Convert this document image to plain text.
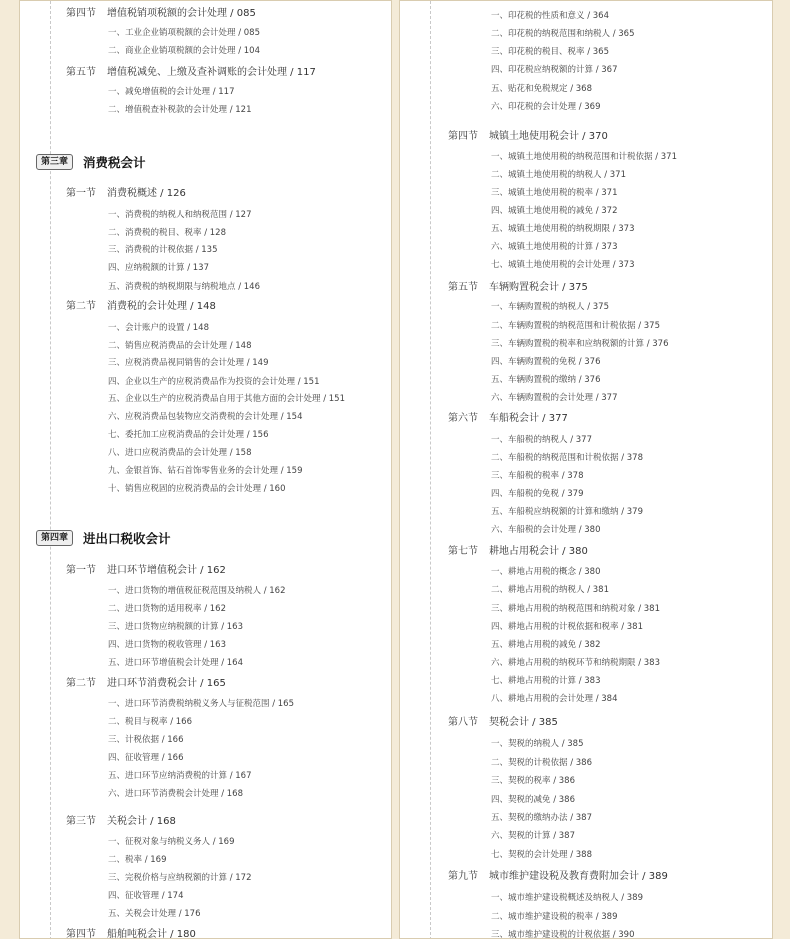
第四节 增值税销项税额的会计处理 / 085
一、工业企业销项税额的会计处理 / 085
二、商业企业销项税额的会计处理 / 104
第五节 增值税减免、上缴及查补调账的会计处理 / 117
一、减免增值税的会计处理 / 117
二、增值税查补税款的会计处理 / 121
第一节 消费税概述 / 126
一、消费税的纳税人和纳税范围 / 127
二、消费税的税目、税率 / 128
三、消费税的计税依据 / 135
四、应纳税额的计算 / 137
五、消费税的纳税期限与纳税地点 / 146
第二节 消费税的会计处理 / 148
一、会计账户的设置 / 148
二、销售应税消费品的会计处理 / 148
三、应税消费品视同销售的会计处理 / 149
四、企业以生产的应税消费品作为投资的会计处理 / 151
五、企业以生产的应税消费品自用于其他方面的会计处理 / 151
六、应税消费品包装物应交消费税的会计处理 / 154
七、委托加工应税消费品的会计处理 / 156
八、进口应税消费品的会计处理 / 158
九、金银首饰、钻石首饰零售业务的会计处理 / 159
十、销售应税固的应税消费品的会计处理 / 160
第一节 进口环节增值税会计 / 162
一、进口货物的增值税征税范围及纳税人 / 162
二、进口货物的适用税率 / 162
三、进口货物应纳税额的计算 / 163
四、进口货物的税收管理 / 163
五、进口环节增值税会计处理 / 164
第二节 进口环节消费税会计 / 165
一、进口环节消费税纳税义务人与征税范围 / 165
二、税目与税率 / 166
三、计税依据 / 166
四、征收管理 / 166
五、进口环节应纳消费税的计算 / 167
六、进口环节消费税会计处理 / 168
第三节 关税会计 / 168
一、征税对象与纳税义务人 / 169
二、税率 / 169
三、完税价格与应纳税额的计算 / 172
四、征收管理 / 174
五、关税会计处理 / 176
第四节 船舶吨税会计 / 180
第三章	消费税会计
第四章	进出口税收会计
一、印花税的性质和意义 / 364
二、印花税的纳税范围和纳税人 / 365
三、印花税的税目、税率 / 365
四、印花税应纳税额的计算 / 367
五、贴花和免税规定 / 368
六、印花税的会计处理 / 369
第四节 城镇土地使用税会计 / 370
一、城镇土地使用税的纳税范围和计税依据 / 371
二、城镇土地使用税的纳税人 / 371
三、城镇土地使用税的税率 / 371
四、城镇土地使用税的减免 / 372
五、城镇土地使用税的纳税期限 / 373
六、城镇土地使用税的计算 / 373
七、城镇土地使用税的会计处理 / 373
第五节 车辆购置税会计 / 375
一、车辆购置税的纳税人 / 375
二、车辆购置税的纳税范围和计税依据 / 375
三、车辆购置税的税率和应纳税额的计算 / 376
四、车辆购置税的免税 / 376
五、车辆购置税的缴纳 / 376
六、车辆购置税的会计处理 / 377
第六节 车船税会计 / 377
一、车船税的纳税人 / 377
二、车船税的纳税范围和计税依据 / 378
三、车船税的税率 / 378
四、车船税的免税 / 379
五、车船税应纳税额的计算和缴纳 / 379
六、车船税的会计处理 / 380
第七节 耕地占用税会计 / 380
一、耕地占用税的概念 / 380
二、耕地占用税的纳税人 / 381
三、耕地占用税的纳税范围和纳税对象 / 381
四、耕地占用税的计税依据和税率 / 381
五、耕地占用税的减免 / 382
六、耕地占用税的纳税环节和纳税期限 / 383
七、耕地占用税的计算 / 383
八、耕地占用税的会计处理 / 384
第八节 契税会计 / 385
一、契税的纳税人 / 385
二、契税的计税依据 / 386
三、契税的税率 / 386
四、契税的减免 / 386
五、契税的缴纳办法 / 387
六、契税的计算 / 387
七、契税的会计处理 / 388
第九节 城市维护建设税及教育费附加会计 / 389
一、城市维护建设税概述及纳税人 / 389
二、城市维护建设税的税率 / 389
三、城市维护建设税的计税依据 / 390
